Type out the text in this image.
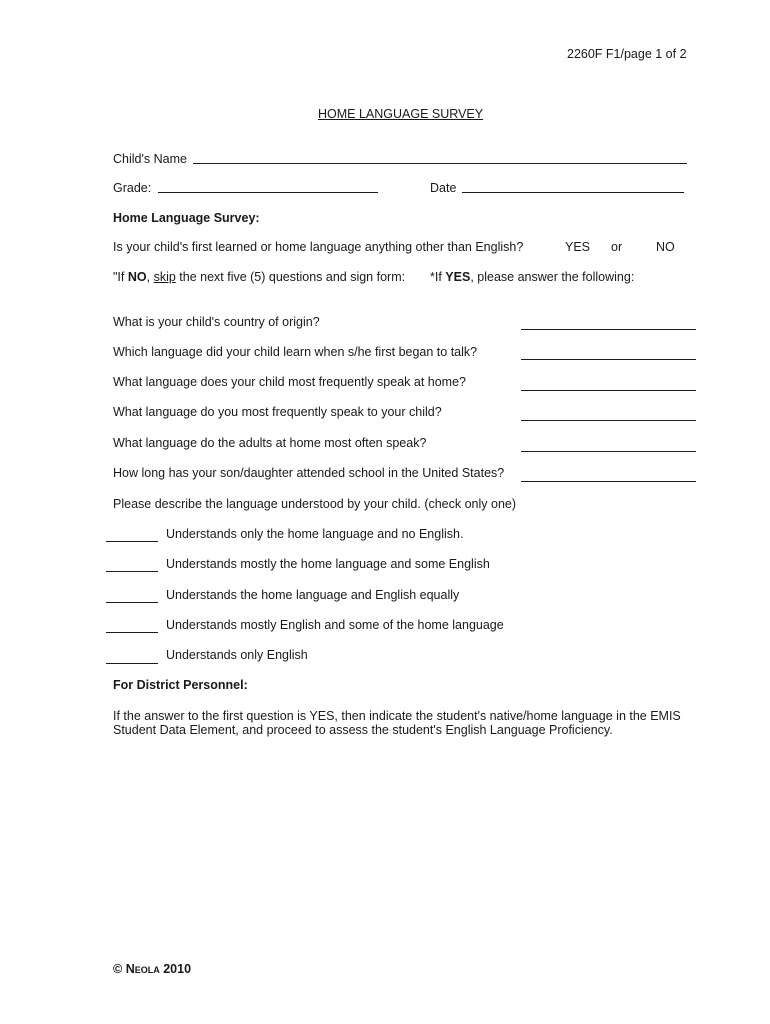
2260F F1/page 1 of 2
HOME LANGUAGE SURVEY
Child's Name
Grade:	Date
Home Language Survey:
Is your child's first learned or home language anything other than English?	YES or	NO
"If NO, skip the next five (5) questions and sign form: *If YES, please answer the following:
What is your child's country of origin?
Which language did your child learn when s/he first began to talk?
What language does your child most frequently speak at home?
What language do you most frequently speak to your child?
What language do the adults at home most often speak?
How long has your son/daughter attended school in the United States?
Please describe the language understood by your child. (check only one)
Understands only the home language and no English.
Understands mostly the home language and some English
Understands the home language and English equally
Understands mostly English and some of the home language
Understands only English
For District Personnel:
If the answer to the first question is YES, then indicate the student's native/home language in the EMIS
Student Data Element, and proceed to assess the student's English Language Proficiency.
© Neola 2010
